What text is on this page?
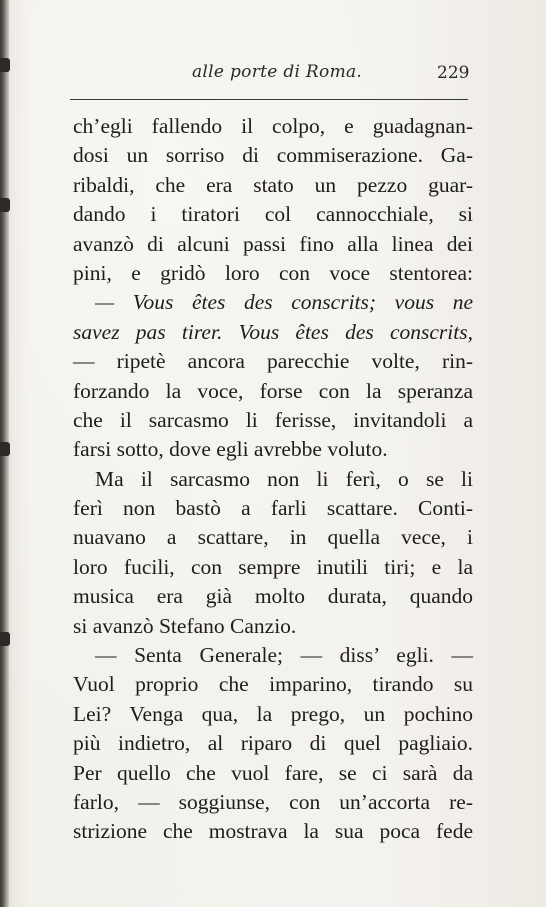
alle porte di Roma.	229
ch’egli fallendo il colpo, e guadagnan-
dosi un sorriso di commiserazione. Ga-
ribaldi, che era stato un pezzo guar-
dando i tiratori col cannocchiale, si
avanzò di alcuni passi fino alla linea dei
pini, e gridò loro con voce stentorea:
— Vous êtes des conscrits; vous ne
savez pas tirer. Vous êtes des conscrits,
— ripetè ancora parecchie volte, rin-
forzando la voce, forse con la speranza
che il sarcasmo li ferisse, invitandoli a
farsi sotto, dove egli avrebbe voluto.
Ma il sarcasmo non li ferì, o se li
ferì non bastò a farli scattare. Conti-
nuavano a scattare, in quella vece, i
loro fucili, con sempre inutili tiri; e la
musica era già molto durata, quando
si avanzò Stefano Canzio.
— Senta Generale; — diss’ egli. —
Vuol proprio che imparino, tirando su
Lei? Venga qua, la prego, un pochino
più indietro, al riparo di quel pagliaio.
Per quello che vuol fare, se ci sarà da
farlo, — soggiunse, con un’accorta re-
strizione che mostrava la sua poca fede
